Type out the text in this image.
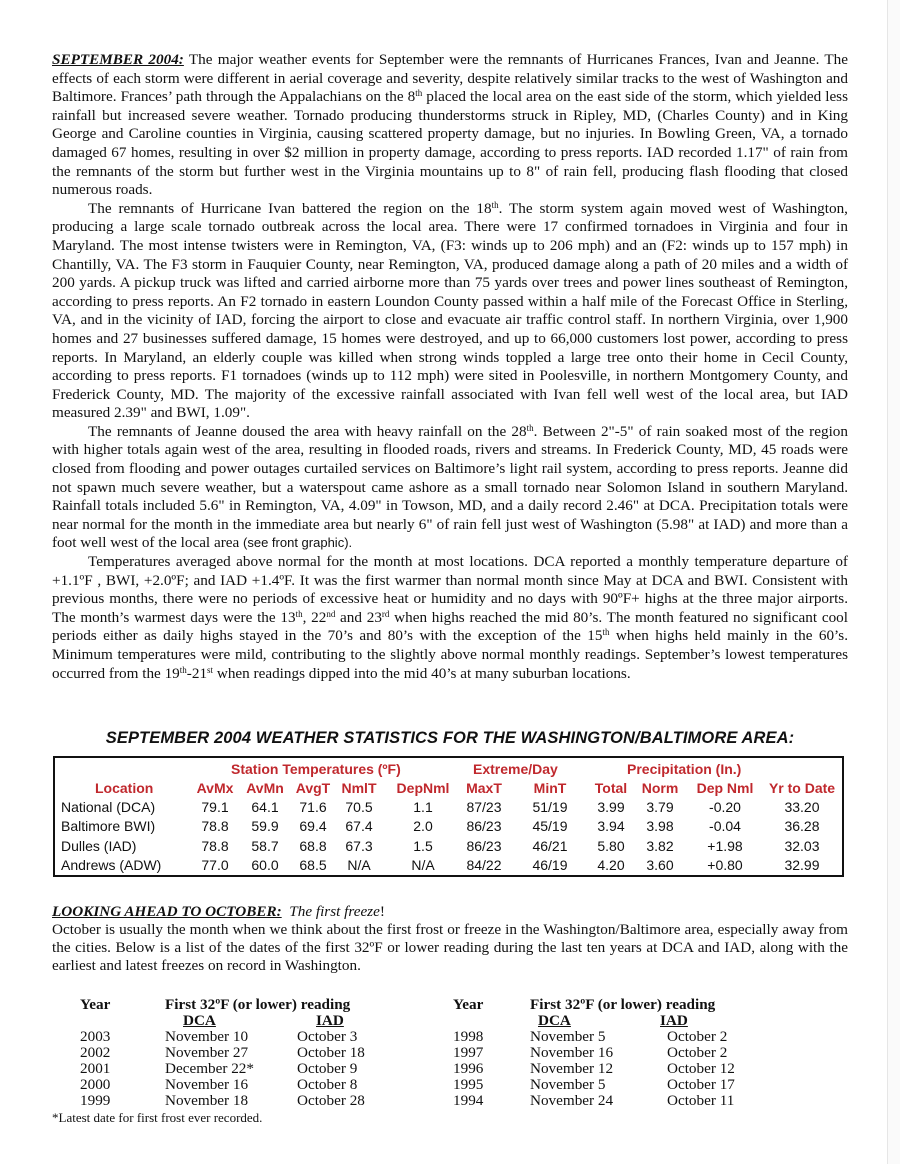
SEPTEMBER 2004: The major weather events for September were the remnants of Hurricanes Frances, Ivan and Jeanne. The effects of each storm were different in aerial coverage and severity, despite relatively similar tracks to the west of Washington and Baltimore. Frances’ path through the Appalachians on the 8th placed the local area on the east side of the storm, which yielded less rainfall but increased severe weather. Tornado producing thunderstorms struck in Ripley, MD, (Charles County) and in King George and Caroline counties in Virginia, causing scattered property damage, but no injuries. In Bowling Green, VA, a tornado damaged 67 homes, resulting in over $2 million in property damage, according to press reports. IAD recorded 1.17" of rain from the remnants of the storm but further west in the Virginia mountains up to 8" of rain fell, producing flash flooding that closed numerous roads.

The remnants of Hurricane Ivan battered the region on the 18th. The storm system again moved west of Washington, producing a large scale tornado outbreak across the local area. There were 17 confirmed tornadoes in Virginia and four in Maryland. The most intense twisters were in Remington, VA, (F3: winds up to 206 mph) and an (F2: winds up to 157 mph) in Chantilly, VA. The F3 storm in Fauquier County, near Remington, VA, produced damage along a path of 20 miles and a width of 200 yards. A pickup truck was lifted and carried airborne more than 75 yards over trees and power lines southeast of Remington, according to press reports. An F2 tornado in eastern Loundon County passed within a half mile of the Forecast Office in Sterling, VA, and in the vicinity of IAD, forcing the airport to close and evacuate air traffic control staff. In northern Virginia, over 1,900 homes and 27 businesses suffered damage, 15 homes were destroyed, and up to 66,000 customers lost power, according to press reports. In Maryland, an elderly couple was killed when strong winds toppled a large tree onto their home in Cecil County, according to press reports. F1 tornadoes (winds up to 112 mph) were sited in Poolesville, in northern Montgomery County, and Frederick County, MD. The majority of the excessive rainfall associated with Ivan fell well west of the local area, but IAD measured 2.39" and BWI, 1.09".

The remnants of Jeanne doused the area with heavy rainfall on the 28th. Between 2"-5" of rain soaked most of the region with higher totals again west of the area, resulting in flooded roads, rivers and streams. In Frederick County, MD, 45 roads were closed from flooding and power outages curtailed services on Baltimore’s light rail system, according to press reports. Jeanne did not spawn much severe weather, but a waterspout came ashore as a small tornado near Solomon Island in southern Maryland. Rainfall totals included 5.6" in Remington, VA, 4.09" in Towson, MD, and a daily record 2.46" at DCA. Precipitation totals were near normal for the month in the immediate area but nearly 6" of rain fell just west of Washington (5.98" at IAD) and more than a foot well west of the local area (see front graphic).

Temperatures averaged above normal for the month at most locations. DCA reported a monthly temperature departure of +1.1ºF , BWI, +2.0ºF; and IAD +1.4ºF. It was the first warmer than normal month since May at DCA and BWI. Consistent with previous months, there were no periods of excessive heat or humidity and no days with 90ºF+ highs at the three major airports. The month’s warmest days were the 13th, 22nd and 23rd when highs reached the mid 80’s. The month featured no significant cool periods either as daily highs stayed in the 70’s and 80’s with the exception of the 15th when highs held mainly in the 60’s. Minimum temperatures were mild, contributing to the slightly above normal monthly readings. September’s lowest temperatures occurred from the 19th-21st when readings dipped into the mid 40’s at many suburban locations.

SEPTEMBER 2004 WEATHER STATISTICS FOR THE WASHINGTON/BALTIMORE AREA:
Station Temperatures (ºF)	Extreme/Day	Precipitation (In.)
Location	AvMx AvMn AvgT NmlT	DepNml	MaxT	MinT	Total	Norm	Dep Nml	Yr to Date
National (DCA)	79.1	64.1	71.6	70.5	1.1	87/23	51/19	3.99	3.79	-0.20	33.20
Baltimore BWI)	78.8	59.9	69.4	67.4	2.0	86/23	45/19	3.94	3.98	-0.04	36.28
Dulles (IAD)	78.8	58.7	68.8	67.3	1.5	86/23	46/21	5.80	3.82	+1.98	32.03
Andrews (ADW)	77.0	60.0	68.5	N/A	N/A	84/22	46/19	4.20	3.60	+0.80	32.99

LOOKING AHEAD TO OCTOBER: The first freeze!

October is usually the month when we think about the first frost or freeze in the Washington/Baltimore area, especially away from the cities. Below is a list of the dates of the first 32ºF or lower reading during the last ten years at DCA and IAD, along with the earliest and latest freezes on record in Washington.

Year	First 32ºF (or lower) reading
DCA	IAD
Year	First 32ºF (or lower) reading
DCA	IAD
2003	November 10	October 3
2002	November 27	October 18
2001	December 22*	October 9
2000	November 16	October 8
1999	November 18	October 28
1998	November 5	October 2
1997	November 16	October 2
1996	November 12	October 12
1995	November 5	October 17
1994	November 24	October 11
*Latest date for first frost ever recorded.
